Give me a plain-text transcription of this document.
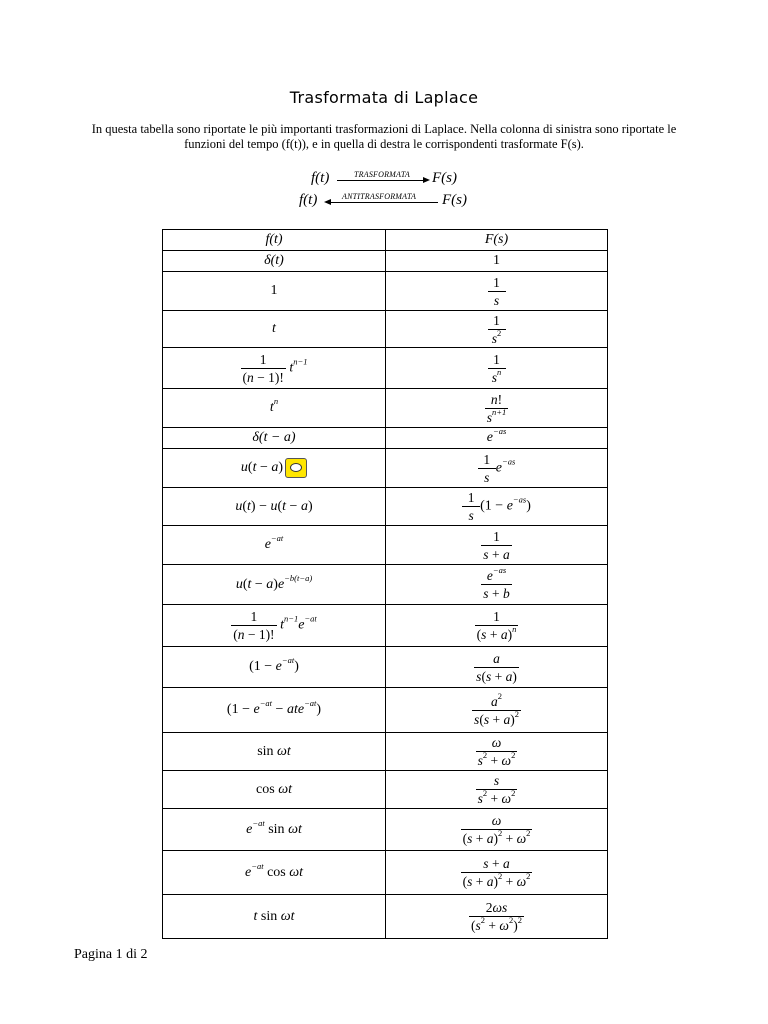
Trasformata di Laplace
In questa tabella sono riportate le più importanti trasformazioni di Laplace. Nella colonna di sinistra sono riportate le funzioni del tempo (f(t)), e in quella di destra le corrispondenti trasformate F(s).
f(t)	TRASFORMATA F(s)
f(t)	ANTITRASFORMATA F(s)
f(t)	F(s)
δ(t)	1
1	$\frac{1}{s}$

t	$\frac{1}{s^2}$

$\frac{1}{(n - 1)!} t^{n-1}$	$\frac{1}{s^n}$

$t^n$	$\frac{n!}{s^{n+1}}$

δ(t − a)	$e^{-as}$
u(t − a)	$\frac{1}{s} e^{-as}$
u(t) − u(t − a)	$\frac{1}{s} (1 - e^{-as})$
$e^{-at}$	$\frac{1}{s + a}$

$u(t - a)e^{-b(t-a)}$	$\frac{e^{-as}}{s + b}$

$\frac{1}{(n - 1)!} t^{n-1}e^{-at}$	$\frac{1}{(s + a)^n}$

$(1 - e^{-at})$	$\frac{a}{s(s + a)}$

$(1 - e^{-at} - ate^{-at})$	$\frac{a^2}{s(s + a)^2}$

sin ωt	$\frac{\omega}{s^2 + \omega^2}$

cos ωt	$\frac{s}{s^2 + \omega^2}$

$e^{-at}$ sin ωt	$\frac{\omega}{(s + a)^2 + \omega^2}$

$e^{-at}$ cos ωt	$\frac{s + a}{(s + a)^2 + \omega^2}$

t sin ωt	$\frac{2\omega s}{(s^2 + \omega^2)^2}$
Pagina 1 di 2
